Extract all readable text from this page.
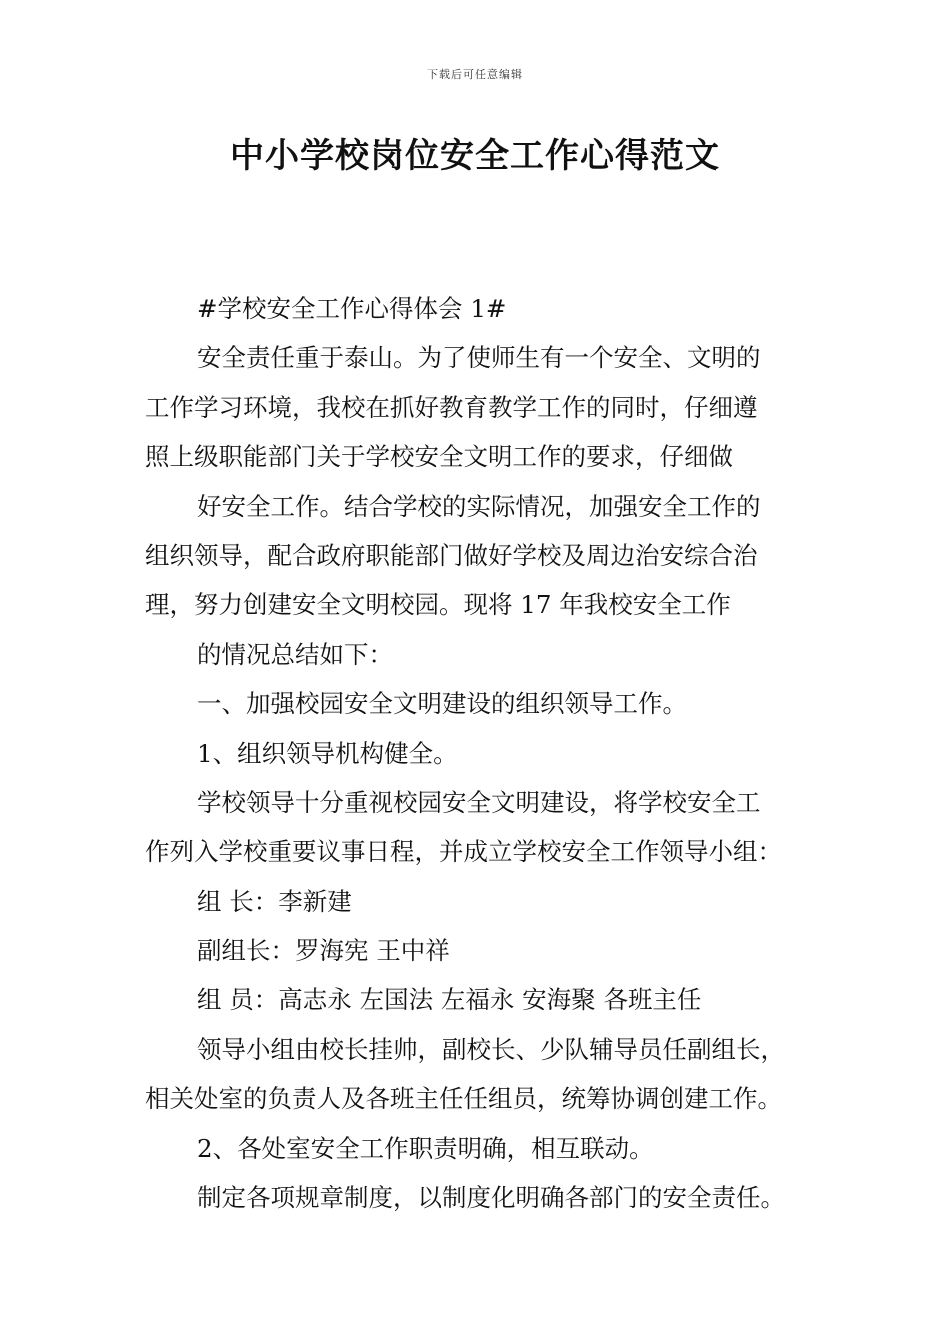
下载后可任意编辑
中小学校岗位安全工作心得范文
#学校安全工作心得体会 1#
安全责任重于泰山。为了使师生有一个安全、文明的
工作学习环境，我校在抓好教育教学工作的同时，仔细遵
照上级职能部门关于学校安全文明工作的要求，仔细做
好安全工作。结合学校的实际情况，加强安全工作的
组织领导，配合政府职能部门做好学校及周边治安综合治
理，努力创建安全文明校园。现将 17 年我校安全工作
的情况总结如下：
一、加强校园安全文明建设的组织领导工作。
1、组织领导机构健全。
学校领导十分重视校园安全文明建设，将学校安全工
作列入学校重要议事日程，并成立学校安全工作领导小组：
组 长：李新建
副组长：罗海宪 王中祥
组 员：高志永 左国法 左福永 安海聚 各班主任
领导小组由校长挂帅，副校长、少队辅导员任副组长，
相关处室的负责人及各班主任任组员，统筹协调创建工作。
2、各处室安全工作职责明确，相互联动。
制定各项规章制度，以制度化明确各部门的安全责任。
